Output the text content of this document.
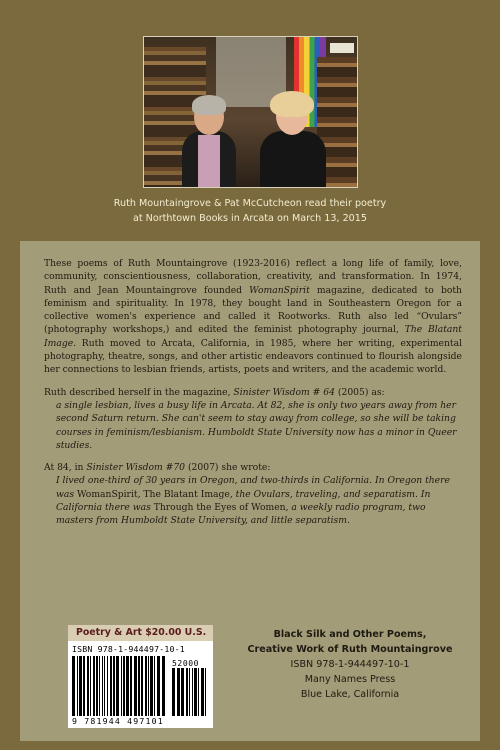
Ruth Mountaingrove & Pat McCutcheon read their poetry
at Northtown Books in Arcata on March 13, 2015

These poems of Ruth Mountaingrove (1923-2016) reflect a long life of family, love, community, conscientiousness, collaboration, creativity, and transformation. In 1974, Ruth and Jean Mountaingrove founded WomanSpirit magazine, dedicated to both feminism and spirituality. In 1978, they bought land in Southeastern Oregon for a collective women's experience and called it Rootworks. Ruth also led “Ovulars” (photography workshops,) and edited the feminist photography journal, The Blatant Image. Ruth moved to Arcata, California, in 1985, where her writing, experimental photography, theatre, songs, and other artistic endeavors continued to flourish alongside her connections to lesbian friends, artists, poets and writers, and the academic world.

Ruth described herself in the magazine, Sinister Wisdom # 64 (2005) as:
a single lesbian, lives a busy life in Arcata. At 82, she is only two years away from her second Saturn return. She can't seem to stay away from college, so she will be taking courses in feminism/lesbianism. Humboldt State University now has a minor in Queer studies.

At 84, in Sinister Wisdom #70 (2007) she wrote:
I lived one-third of 30 years in Oregon, and two-thirds in California. In Oregon there was WomanSpirit, The Blatant Image, the Ovulars, traveling, and separatism. In California there was Through the Eyes of Women, a weekly radio program, two masters from Humboldt State University, and little separatism.

Poetry & Art $20.00 U.S.
ISBN 978-1-944497-10-1
52000
9 781944 497101
Black Silk and Other Poems,
Creative Work of Ruth Mountaingrove
ISBN 978-1-944497-10-1
Many Names Press
Blue Lake, California
